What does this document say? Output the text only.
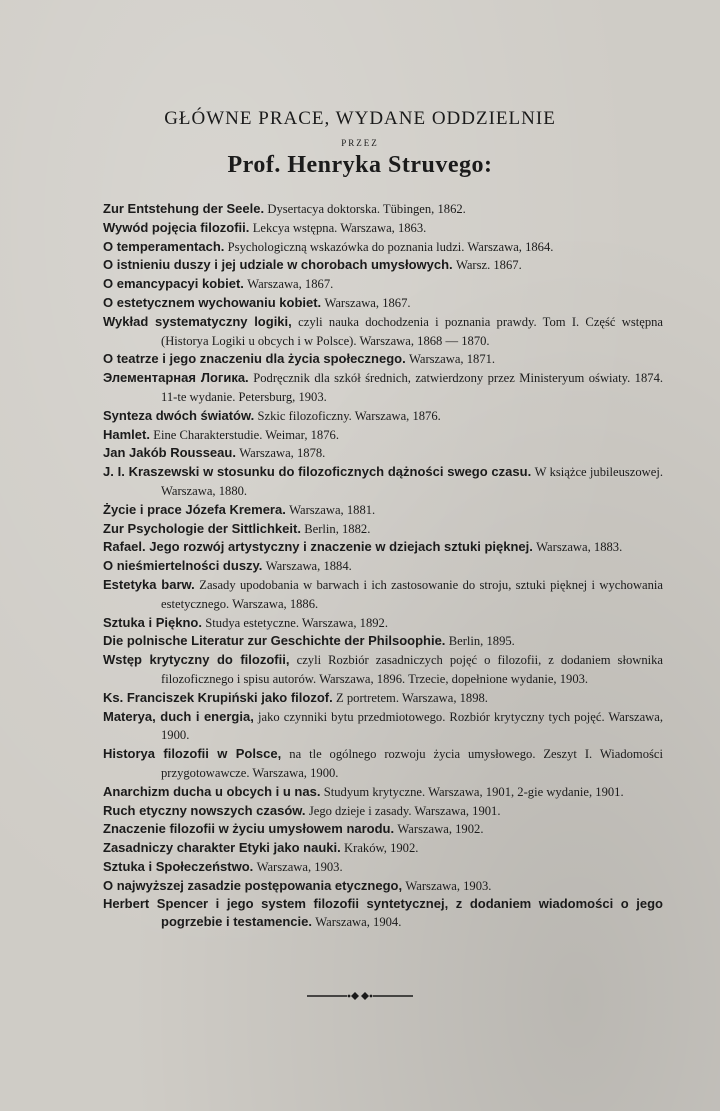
GŁÓWNE PRACE, WYDANE ODDZIELNIE
PRZEZ
Prof. Henryka Struvego:

Zur Entstehung der Seele. Dysertacya doktorska. Tübingen, 1862.

Wywód pojęcia filozofii. Lekcya wstępna. Warszawa, 1863.

O temperamentach. Psychologiczną wskazówka do poznania ludzi. Warszawa, 1864.

O istnieniu duszy i jej udziale w chorobach umysłowych. Warsz. 1867.

O emancypacyi kobiet. Warszawa, 1867.

O estetycznem wychowaniu kobiet. Warszawa, 1867.

Wykład systematyczny logiki, czyli nauka dochodzenia i poznania prawdy. Tom I. Część wstępna (Historya Logiki u obcych i w Polsce). Warszawa, 1868 — 1870.

O teatrze i jego znaczeniu dla życia społecznego. Warszawa, 1871.

Элементарная Логика. Podręcznik dla szkół średnich, zatwierdzony przez Ministeryum oświaty. 1874. 11-te wydanie. Petersburg, 1903.

Synteza dwóch światów. Szkic filozoficzny. Warszawa, 1876.

Hamlet. Eine Charakterstudie. Weimar, 1876.

Jan Jakób Rousseau. Warszawa, 1878.

J. I. Kraszewski w stosunku do filozoficznych dążności swego czasu. W książce jubileuszowej. Warszawa, 1880.

Życie i prace Józefa Kremera. Warszawa, 1881.

Zur Psychologie der Sittlichkeit. Berlin, 1882.

Rafael. Jego rozwój artystyczny i znaczenie w dziejach sztuki pięknej. Warszawa, 1883.

O nieśmiertelności duszy. Warszawa, 1884.

Estetyka barw. Zasady upodobania w barwach i ich zastosowanie do stroju, sztuki pięknej i wychowania estetycznego. Warszawa, 1886.

Sztuka i Piękno. Studya estetyczne. Warszawa, 1892.

Die polnische Literatur zur Geschichte der Philsoophie. Berlin, 1895.

Wstęp krytyczny do filozofii, czyli Rozbiór zasadniczych pojęć o filozofii, z dodaniem słownika filozoficznego i spisu autorów. Warszawa, 1896. Trzecie, dopełnione wydanie, 1903.

Ks. Franciszek Krupiński jako filozof. Z portretem. Warszawa, 1898.

Materya, duch i energia, jako czynniki bytu przedmiotowego. Rozbiór krytyczny tych pojęć. Warszawa, 1900.

Historya filozofii w Polsce, na tle ogólnego rozwoju życia umysłowego. Zeszyt I. Wiadomości przygotowawcze. Warszawa, 1900.

Anarchizm ducha u obcych i u nas. Studyum krytyczne. Warszawa, 1901, 2-gie wydanie, 1901.

Ruch etyczny nowszych czasów. Jego dzieje i zasady. Warszawa, 1901.

Znaczenie filozofii w życiu umysłowem narodu. Warszawa, 1902.

Zasadniczy charakter Etyki jako nauki. Kraków, 1902.

Sztuka i Społeczeństwo. Warszawa, 1903.

O najwyższej zasadzie postępowania etycznego, Warszawa, 1903.

Herbert Spencer i jego system filozofii syntetycznej, z dodaniem wiadomości o jego pogrzebie i testamencie. Warszawa, 1904.
